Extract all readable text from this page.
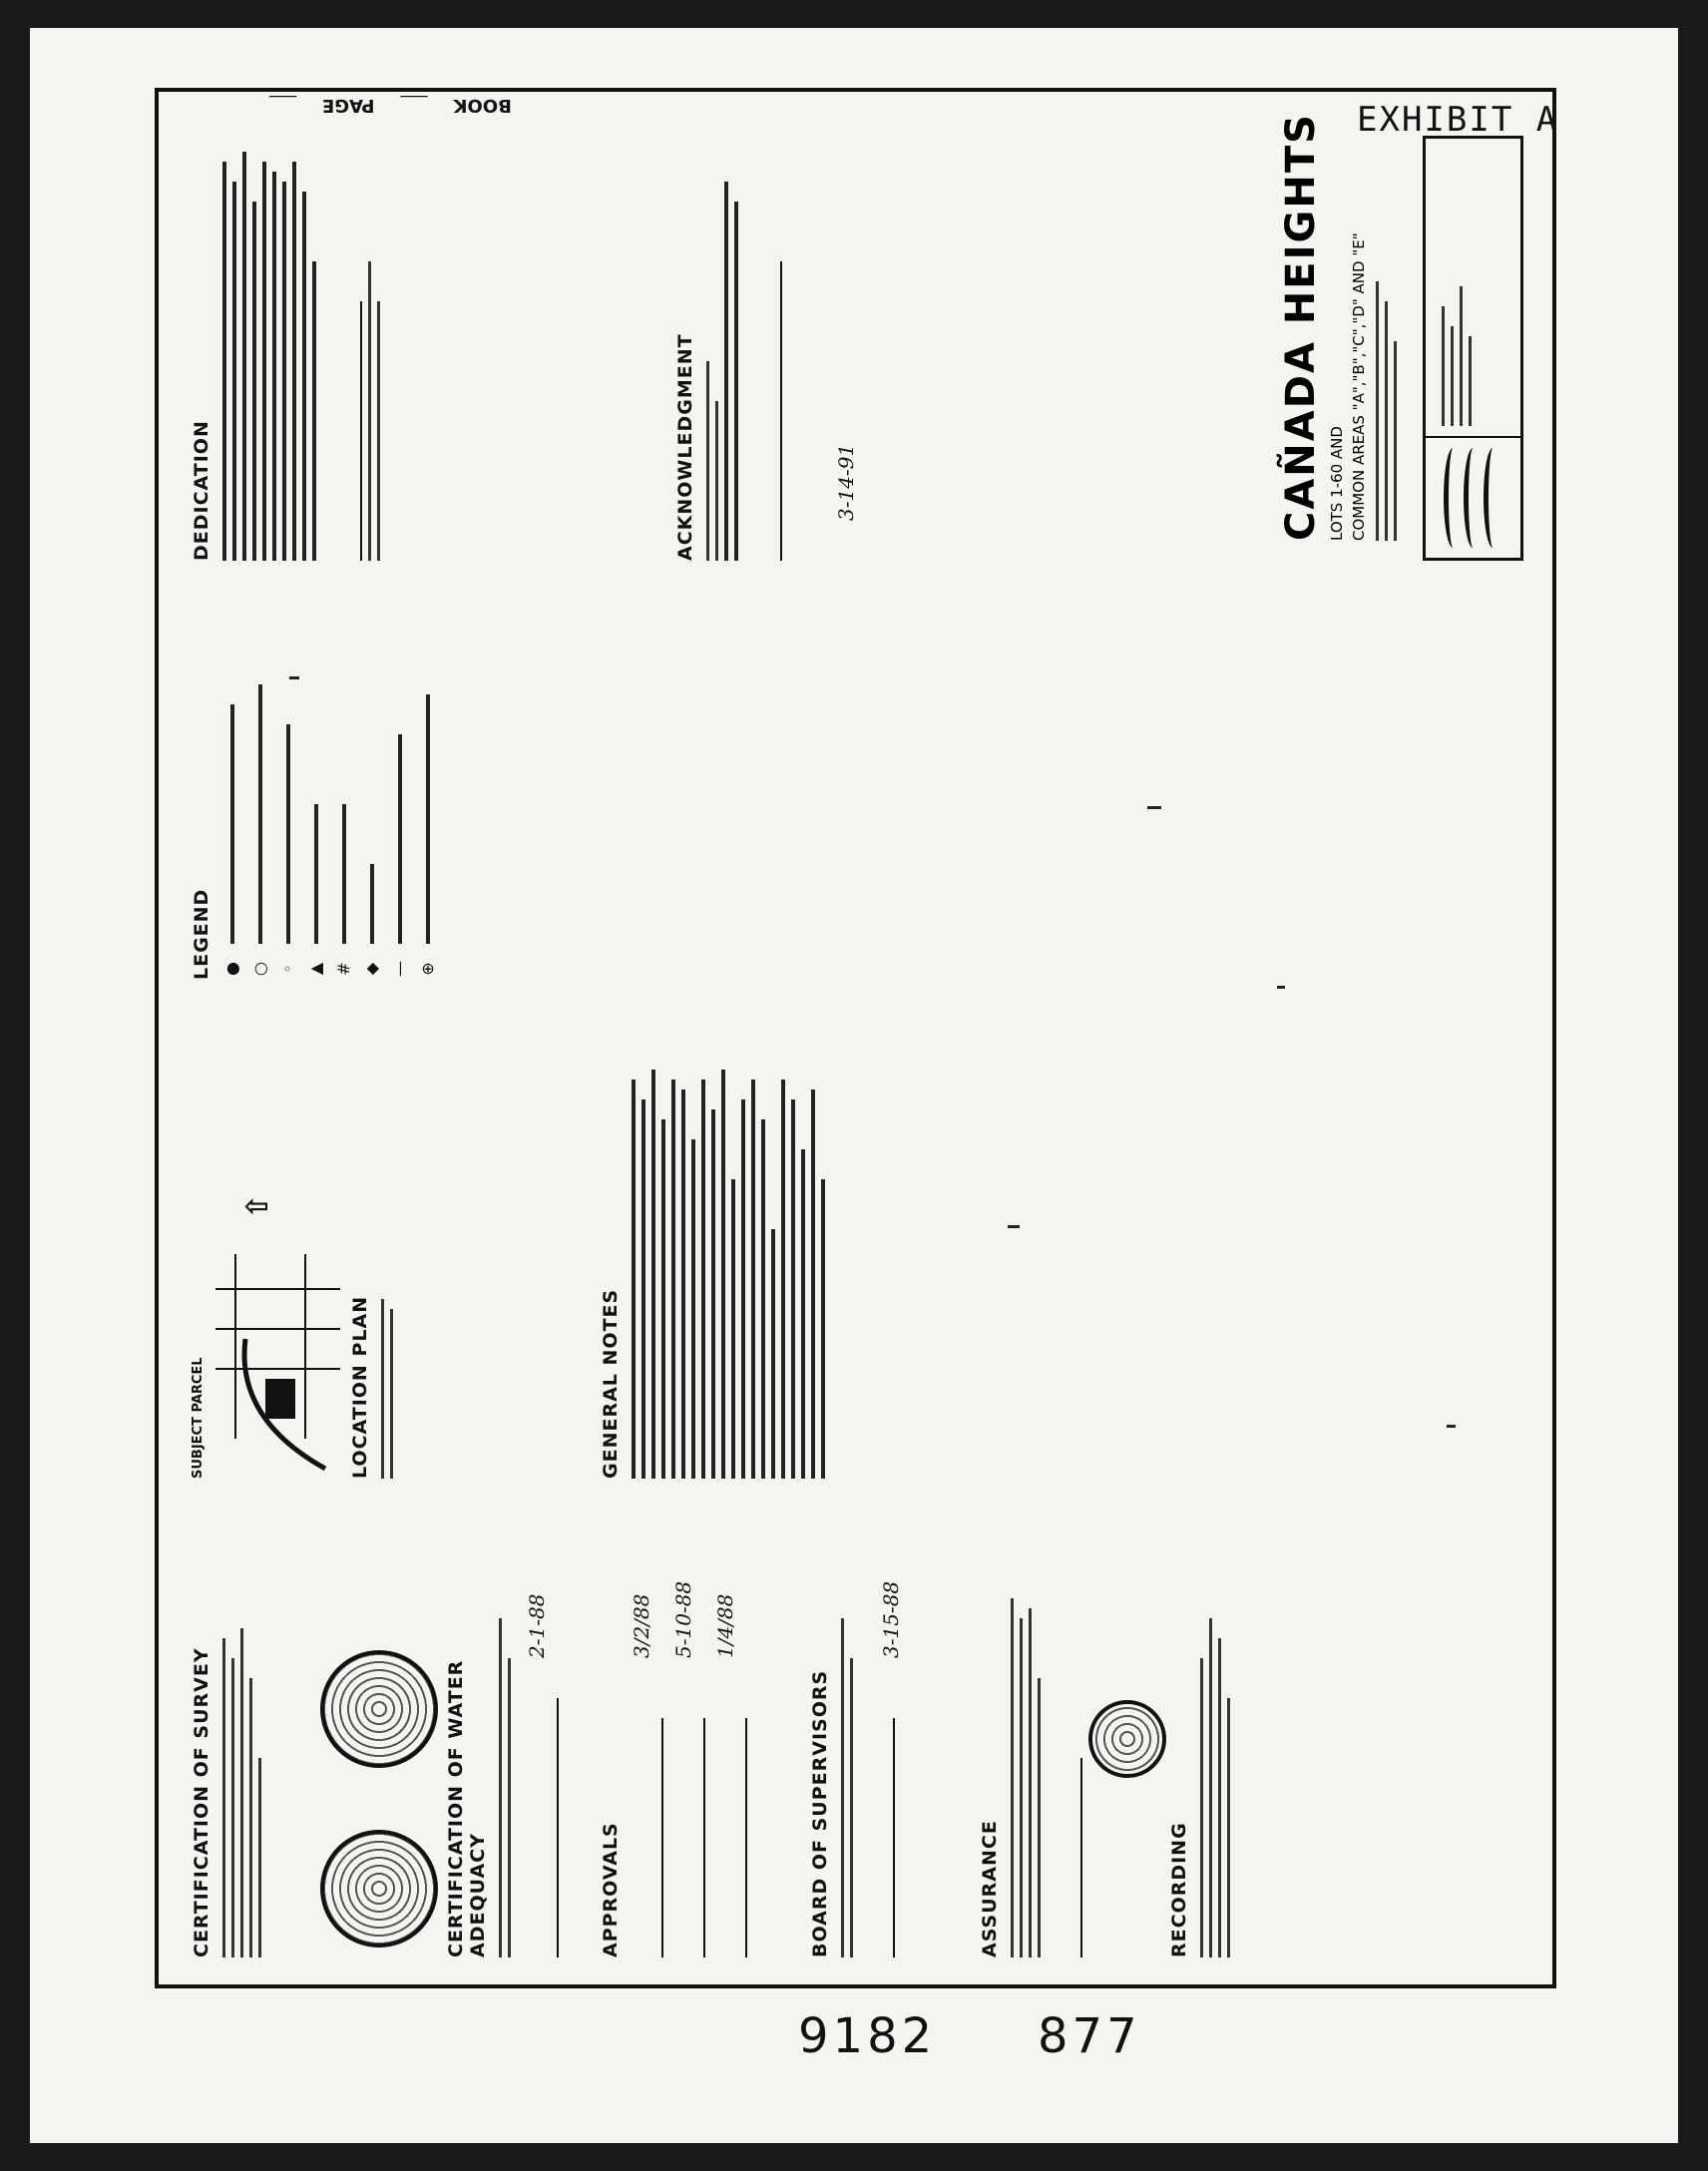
EXHIBIT A
BOOK
___
PAGE
___
CERTIFICATION OF SURVEY	CERTIFICATION OF WATER ADEQUACY
2-1-88
APPROVALS
3/2/88 5-10-88 1/4/88
BOARD OF SUPERVISORS
3-15-88
ASSURANCE	RECORDING
SUBJECT PARCEL	LOCATION PLAN
⇧
GENERAL NOTES
LEGEND ● ○ ◦ ▲ # ◆ — ⊕
DEDICATION	ACKNOWLEDGMENT	3-14-91	CAÑADA HEIGHTS LOTS 1-60 AND COMMON AREAS "A","B","C","D" AND "E"
9182 877
